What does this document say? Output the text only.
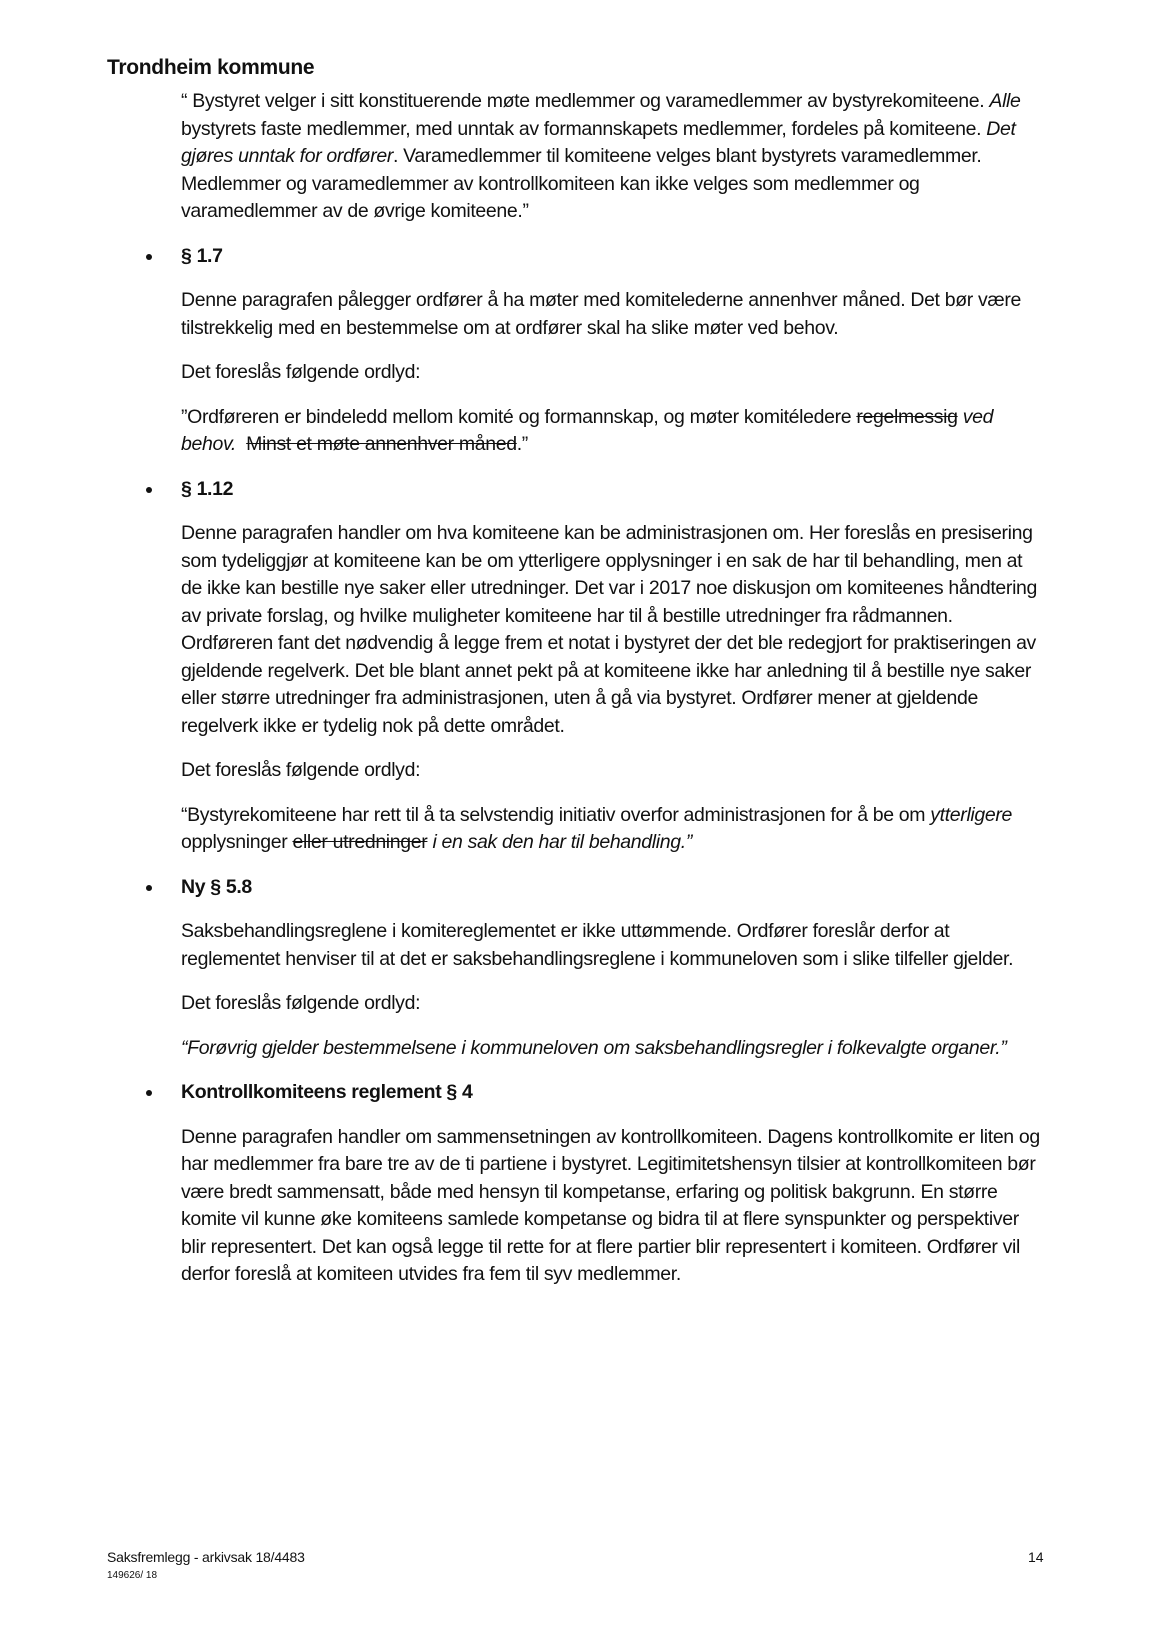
Trondheim kommune

“ Bystyret velger i sitt konstituerende møte medlemmer og varamedlemmer av bystyrekomiteene. Alle bystyrets faste medlemmer, med unntak av formannskapets medlemmer, fordeles på komiteene. Det gjøres unntak for ordfører. Varamedlemmer til komiteene velges blant bystyrets varamedlemmer. Medlemmer og varamedlemmer av kontrollkomiteen kan ikke velges som medlemmer og varamedlemmer av de øvrige komiteene.”

§ 1.7

Denne paragrafen pålegger ordfører å ha møter med komitelederne annenhver måned. Det bør være tilstrekkelig med en bestemmelse om at ordfører skal ha slike møter ved behov.

Det foreslås følgende ordlyd:

”Ordføreren er bindeledd mellom komité og formannskap, og møter komitéledere regelmessig ved behov. Minst et møte annenhver måned.”

§ 1.12

Denne paragrafen handler om hva komiteene kan be administrasjonen om. Her foreslås en presisering som tydeliggjør at komiteene kan be om ytterligere opplysninger i en sak de har til behandling, men at de ikke kan bestille nye saker eller utredninger. Det var i 2017 noe diskusjon om komiteenes håndtering av private forslag, og hvilke muligheter komiteene har til å bestille utredninger fra rådmannen. Ordføreren fant det nødvendig å legge frem et notat i bystyret der det ble redegjort for praktiseringen av gjeldende regelverk. Det ble blant annet pekt på at komiteene ikke har anledning til å bestille nye saker eller større utredninger fra administrasjonen, uten å gå via bystyret. Ordfører mener at gjeldende regelverk ikke er tydelig nok på dette området.

Det foreslås følgende ordlyd:

“Bystyrekomiteene har rett til å ta selvstendig initiativ overfor administrasjonen for å be om ytterligere opplysninger eller utredninger i en sak den har til behandling.”

Ny § 5.8

Saksbehandlingsreglene i komitereglementet er ikke uttømmende. Ordfører foreslår derfor at reglementet henviser til at det er saksbehandlingsreglene i kommuneloven som i slike tilfeller gjelder.

Det foreslås følgende ordlyd:

“Forøvrig gjelder bestemmelsene i kommuneloven om saksbehandlingsregler i folkevalgte organer.”

Kontrollkomiteens reglement § 4

Denne paragrafen handler om sammensetningen av kontrollkomiteen. Dagens kontrollkomite er liten og har medlemmer fra bare tre av de ti partiene i bystyret. Legitimitetshensyn tilsier at kontrollkomiteen bør være bredt sammensatt, både med hensyn til kompetanse, erfaring og politisk bakgrunn. En større komite vil kunne øke komiteens samlede kompetanse og bidra til at flere synspunkter og perspektiver blir representert. Det kan også legge til rette for at flere partier blir representert i komiteen. Ordfører vil derfor foreslå at komiteen utvides fra fem til syv medlemmer.

Saksfremlegg - arkivsak 18/4483
149626/ 18
14
